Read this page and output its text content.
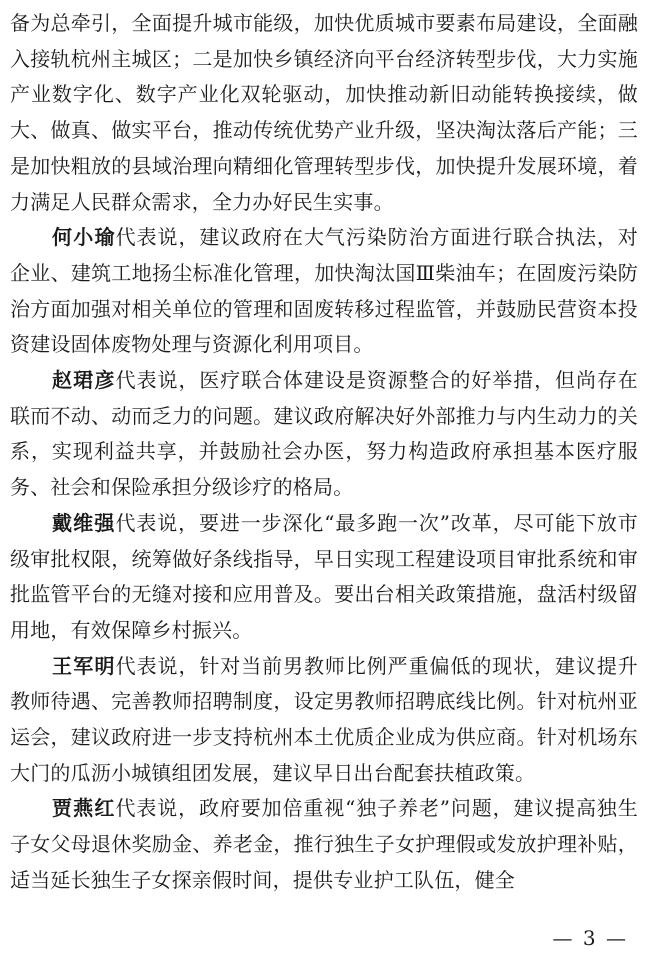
备为总牵引，全面提升城市能级，加快优质城市要素布局建设，全面融入接轨杭州主城区；二是加快乡镇经济向平台经济转型步伐，大力实施产业数字化、数字产业化双轮驱动，加快推动新旧动能转换接续，做大、做真、做实平台，推动传统优势产业升级，坚决淘汰落后产能；三是加快粗放的县域治理向精细化管理转型步伐，加快提升发展环境，着力满足人民群众需求，全力办好民生实事。

何小瑜代表说，建议政府在大气污染防治方面进行联合执法，对企业、建筑工地扬尘标准化管理，加快淘汰国Ⅲ柴油车；在固废污染防治方面加强对相关单位的管理和固废转移过程监管，并鼓励民营资本投资建设固体废物处理与资源化利用项目。

赵珺彦代表说，医疗联合体建设是资源整合的好举措，但尚存在联而不动、动而乏力的问题。建议政府解决好外部推力与内生动力的关系，实现利益共享，并鼓励社会办医，努力构造政府承担基本医疗服务、社会和保险承担分级诊疗的格局。

戴维强代表说，要进一步深化“最多跑一次”改革，尽可能下放市级审批权限，统筹做好条线指导，早日实现工程建设项目审批系统和审批监管平台的无缝对接和应用普及。要出台相关政策措施，盘活村级留用地，有效保障乡村振兴。

王军明代表说，针对当前男教师比例严重偏低的现状，建议提升教师待遇、完善教师招聘制度，设定男教师招聘底线比例。针对杭州亚运会，建议政府进一步支持杭州本土优质企业成为供应商。针对机场东大门的瓜沥小城镇组团发展，建议早日出台配套扶植政策。

贾燕红代表说，政府要加倍重视“独子养老”问题，建议提高独生子女父母退休奖励金、养老金，推行独生子女护理假或发放护理补贴，适当延长独生子女探亲假时间，提供专业护工队伍，健全

— 3 —
